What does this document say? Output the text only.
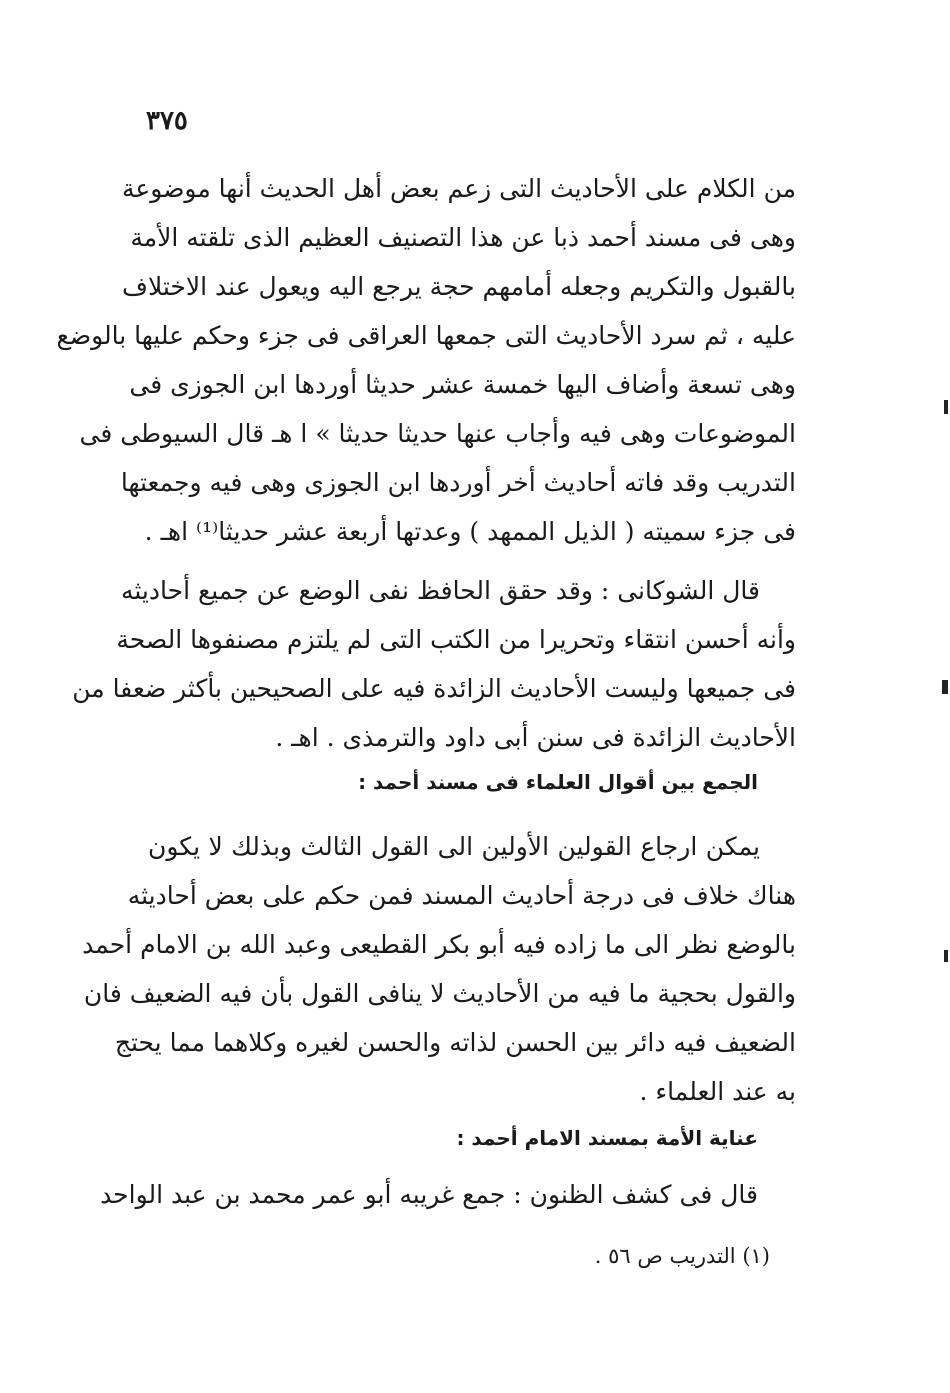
٣٧٥
من الكلام على الأحاديث التى زعم بعض أهل الحديث أنها موضوعة
وهى فى مسند أحمد ذبا عن هذا التصنيف العظيم الذى تلقته الأمة
بالقبول والتكريم وجعله أمامهم حجة يرجع اليه ويعول عند الاختلاف
عليه ، ثم سرد الأحاديث التى جمعها العراقى فى جزء وحكم عليها بالوضع
وهى تسعة وأضاف اليها خمسة عشر حديثا أوردها ابن الجوزى فى
الموضوعات وهى فيه وأجاب عنها حديثا حديثا » ا هـ قال السيوطى فى
التدريب وقد فاته أحاديث أخر أوردها ابن الجوزى وهى فيه وجمعتها
فى جزء سميته ( الذيل الممهد ) وعدتها أربعة عشر حديثا⁽¹⁾ اهـ .
قال الشوكانى : وقد حقق الحافظ نفى الوضع عن جميع أحاديثه
وأنه أحسن انتقاء وتحريرا من الكتب التى لم يلتزم مصنفوها الصحة
فى جميعها وليست الأحاديث الزائدة فيه على الصحيحين بأكثر ضعفا من
الأحاديث الزائدة فى سنن أبى داود والترمذى . اهـ .
الجمع بين أقوال العلماء فى مسند أحمد :
يمكن ارجاع القولين الأولين الى القول الثالث وبذلك لا يكون
هناك خلاف فى درجة أحاديث المسند فمن حكم على بعض أحاديثه
بالوضع نظر الى ما زاده فيه أبو بكر القطيعى وعبد الله بن الامام أحمد
والقول بحجية ما فيه من الأحاديث لا ينافى القول بأن فيه الضعيف فان
الضعيف فيه دائر بين الحسن لذاته والحسن لغيره وكلاهما مما يحتج
به عند العلماء .
عناية الأمة بمسند الامام أحمد :
قال فى كشف الظنون : جمع غريبه أبو عمر محمد بن عبد الواحد
(١) التدريب ص ٥٦ .
